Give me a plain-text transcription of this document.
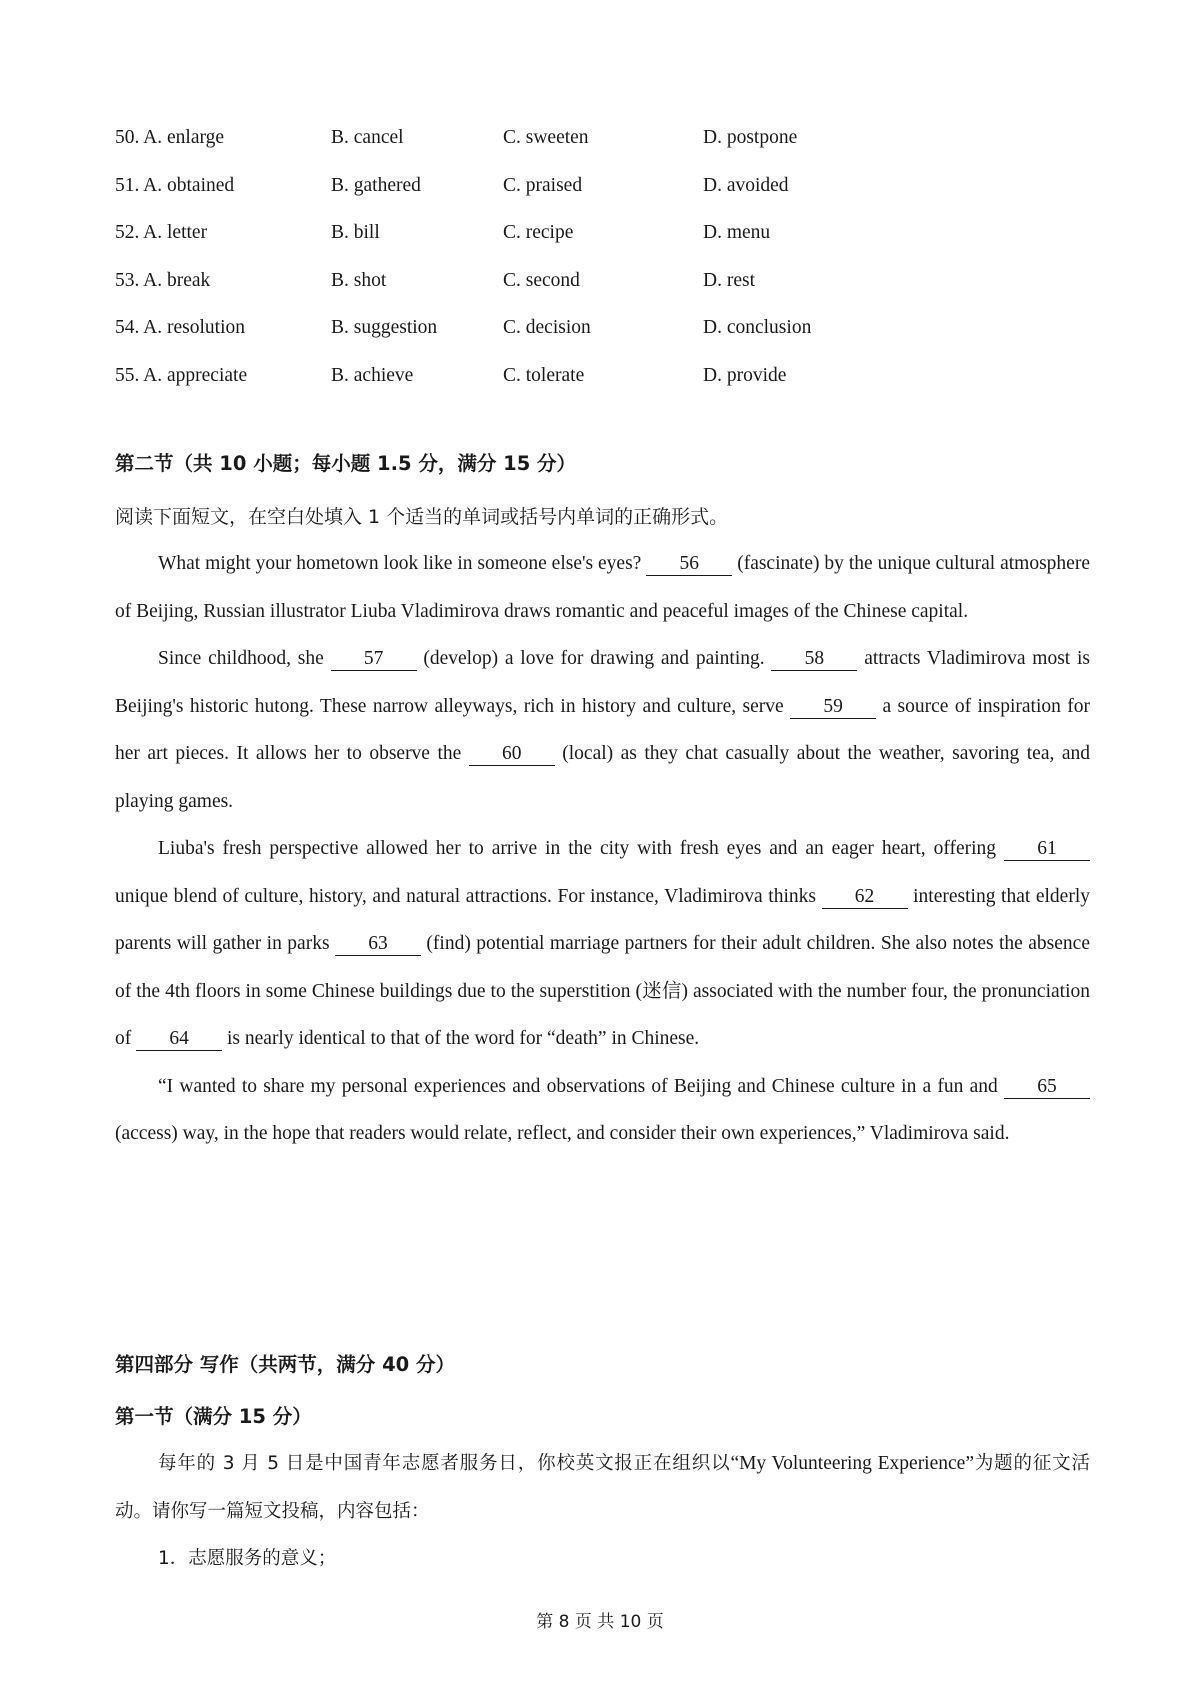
50. A. enlarge	B. cancel	C. sweeten	D. postpone
51. A. obtained	B. gathered	C. praised	D. avoided
52. A. letter	B. bill	C. recipe	D. menu
53. A. break	B. shot	C. second	D. rest
54. A. resolution	B. suggestion	C. decision	D. conclusion
55. A. appreciate	B. achieve	C. tolerate	D. provide
第二节（共 10 小题；每小题 1.5 分，满分 15 分）
阅读下面短文，在空白处填入 1 个适当的单词或括号内单词的正确形式。

What might your hometown look like in someone else's eyes? 56 (fascinate) by the unique cultural atmosphere of Beijing, Russian illustrator Liuba Vladimirova draws romantic and peaceful images of the Chinese capital.

Since childhood, she 57 (develop) a love for drawing and painting. 58 attracts Vladimirova most is Beijing's historic hutong. These narrow alleyways, rich in history and culture, serve 59 a source of inspiration for her art pieces. It allows her to observe the 60 (local) as they chat casually about the weather, savoring tea, and playing games.

Liuba's fresh perspective allowed her to arrive in the city with fresh eyes and an eager heart, offering 61 unique blend of culture, history, and natural attractions. For instance, Vladimirova thinks 62 interesting that elderly parents will gather in parks 63 (find) potential marriage partners for their adult children. She also notes the absence of the 4th floors in some Chinese buildings due to the superstition (迷信) associated with the number four, the pronunciation of 64 is nearly identical to that of the word for “death” in Chinese.

“I wanted to share my personal experiences and observations of Beijing and Chinese culture in a fun and 65 (access) way, in the hope that readers would relate, reflect, and consider their own experiences,” Vladimirova said.

第四部分 写作（共两节，满分 40 分）
第一节（满分 15 分）

每年的 3 月 5 日是中国青年志愿者服务日，你校英文报正在组织以“My Volunteering Experience”为题的征文活动。请你写一篇短文投稿，内容包括：

1．志愿服务的意义；

第 8 页 共 10 页
